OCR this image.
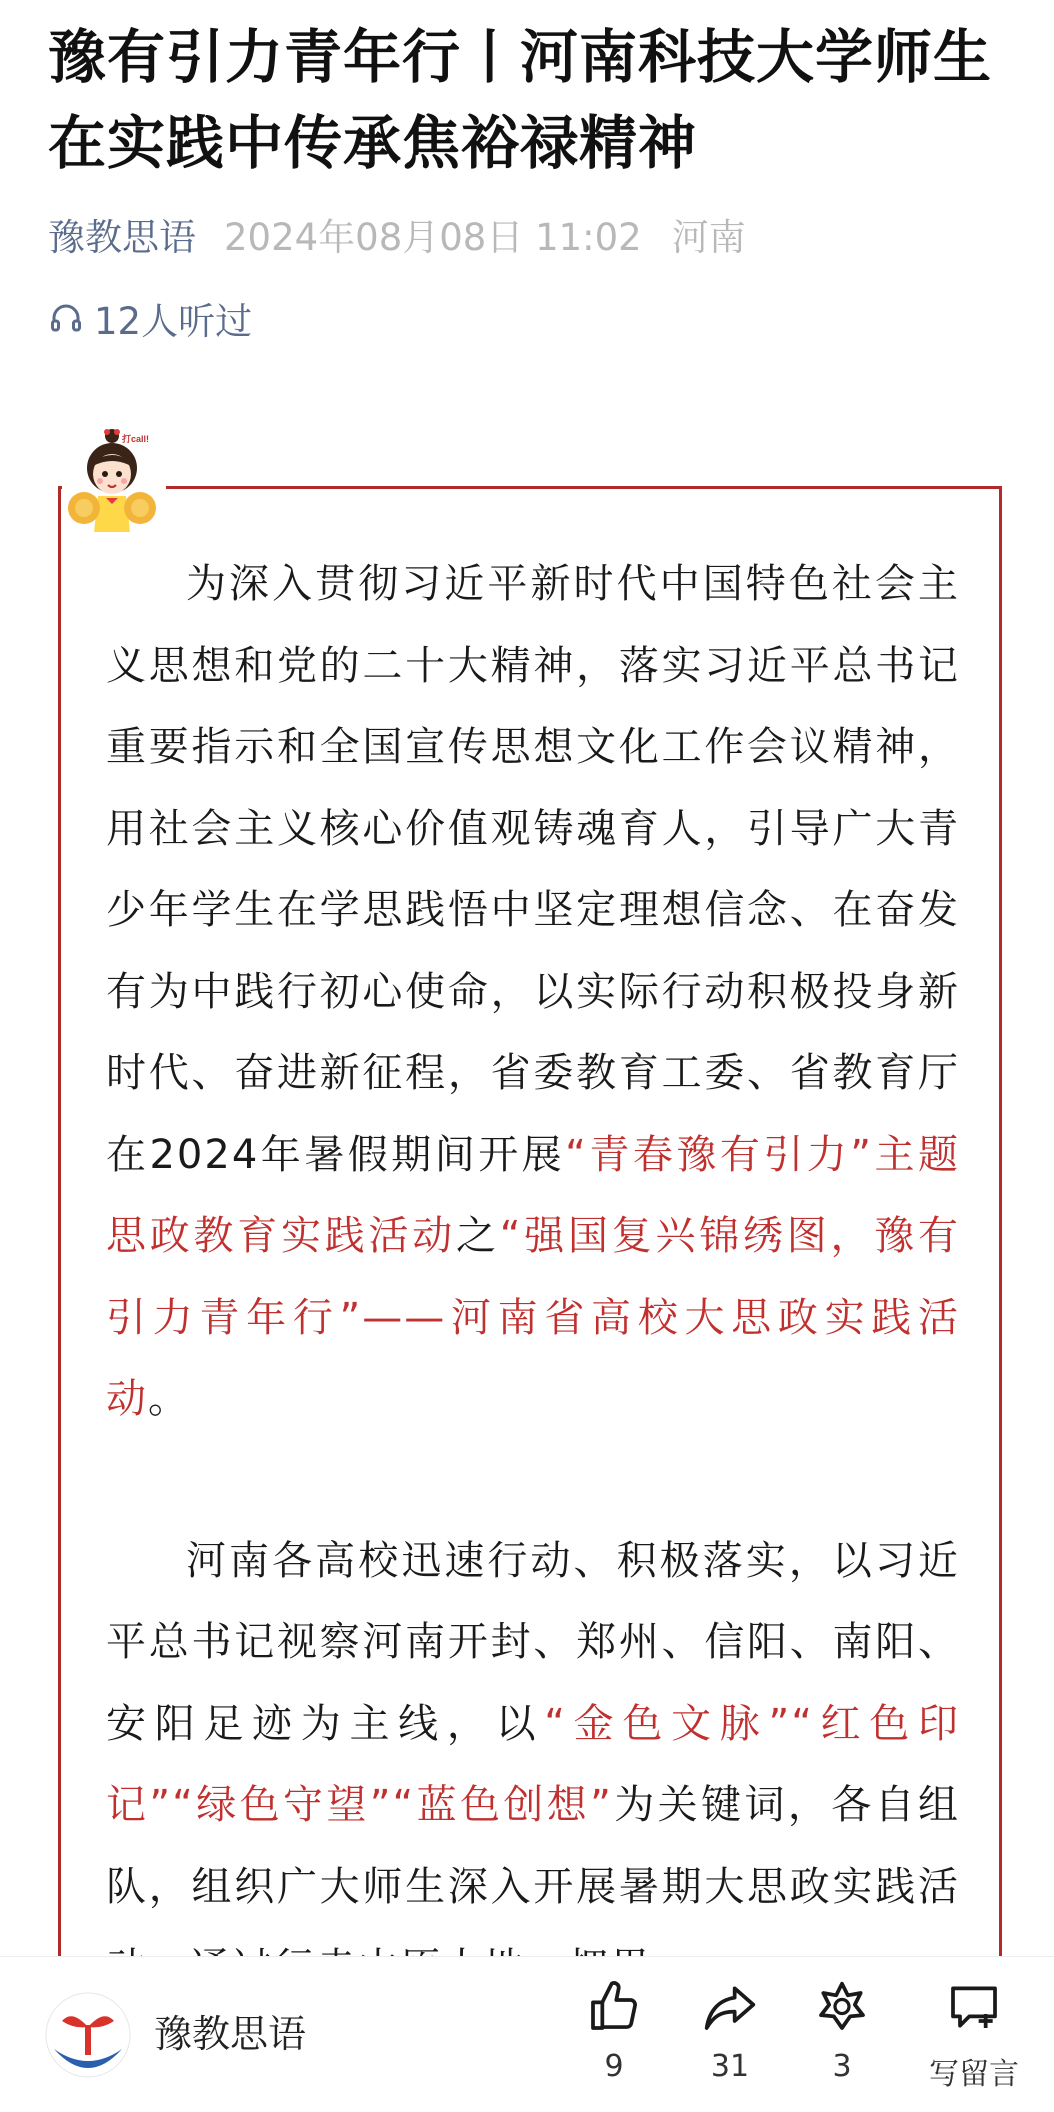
豫有引力青年行丨河南科技大学师生在实践中传承焦裕禄精神
豫教思语 2024年08月08日 11:02 河南
12人听过
打call!

为深入贯彻习近平新时代中国特色社会主义思想和党的二十大精神，落实习近平总书记重要指示和全国宣传思想文化工作会议精神，用社会主义核心价值观铸魂育人，引导广大青少年学生在学思践悟中坚定理想信念、在奋发有为中践行初心使命，以实际行动积极投身新时代、奋进新征程，省委教育工委、省教育厅在2024年暑假期间开展“青春豫有引力”主题思政教育实践活动之“强国复兴锦绣图，豫有引力青年行”——河南省高校大思政实践活动。

河南各高校迅速行动、积极落实，以习近平总书记视察河南开封、郑州、信阳、南阳、安阳足迹为主线，以“金色文脉”“红色印记”“绿色守望”“蓝色创想”为关键词，各自组队，组织广大师生深入开展暑期大思政实践活

豫教思语
9	31	3	写留言
